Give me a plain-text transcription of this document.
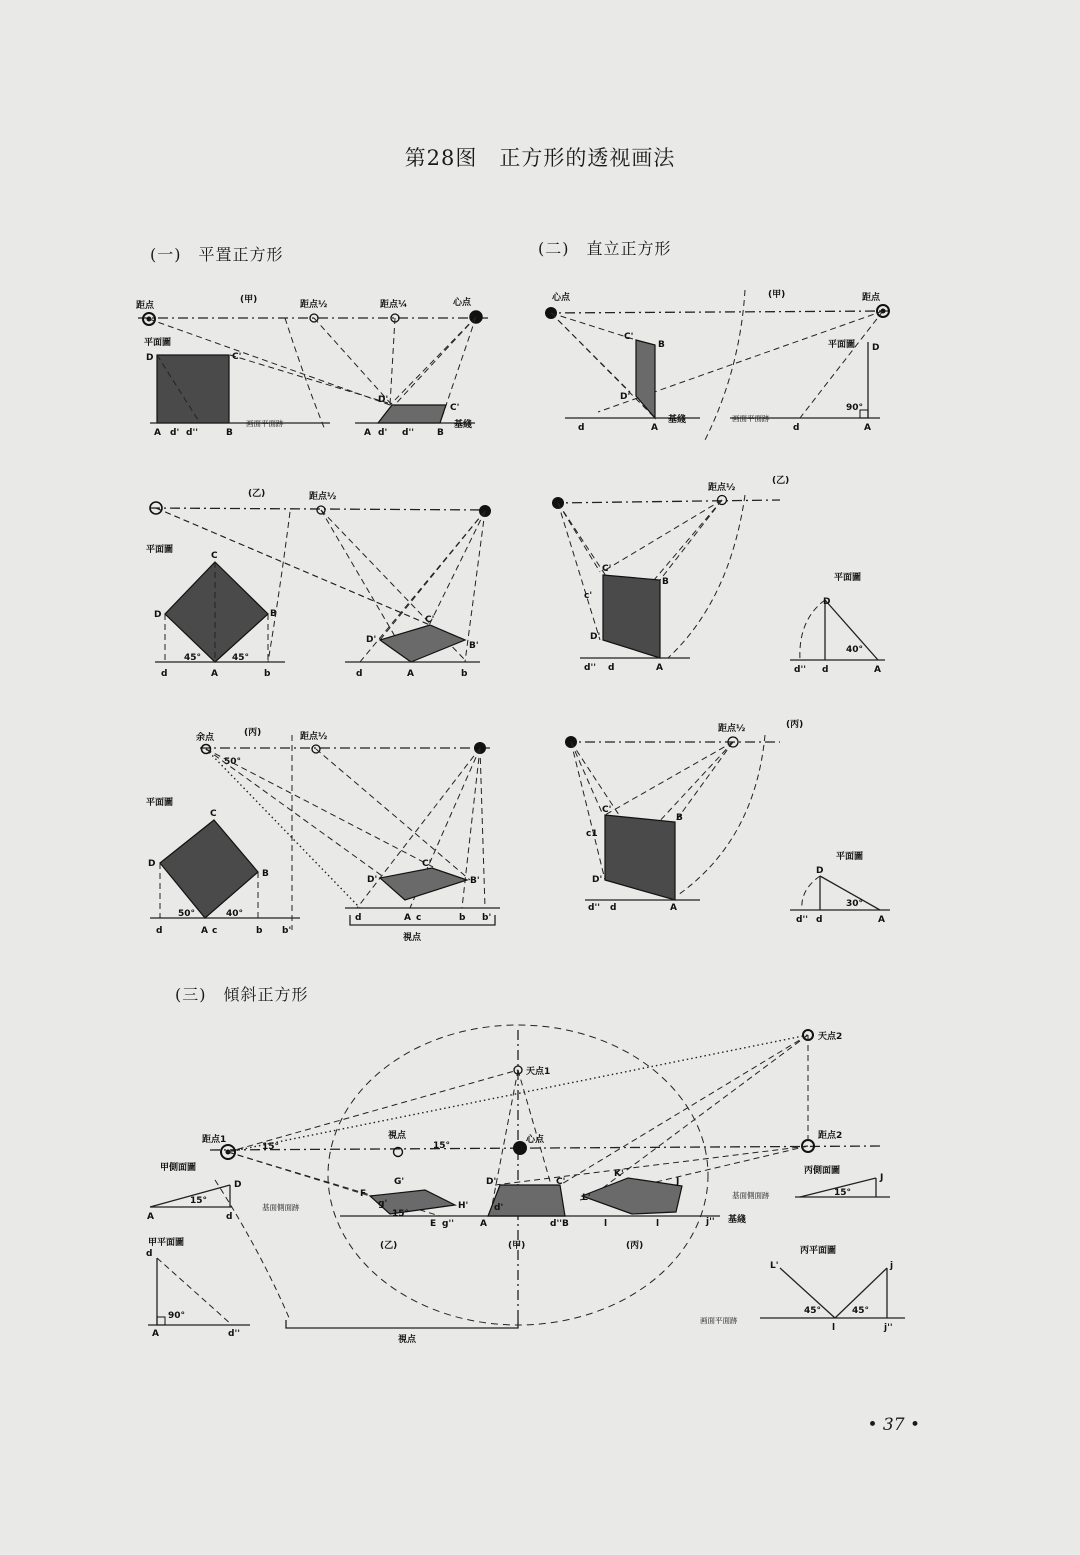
第28图　正方形的透视画法
(一)　平置正方形	(二)　直立正方形
(三)　傾斜正方形
距点
(甲)	距点½	距点¼	心点
平面圖
D	C'
A d' d''	B
画面平面跡
D'
C'
基綫
A d' d''	B
(乙)	距点½
平面圖
C
D	B
45°	45°
d	A	b
D'
C'
B'
d	A	b
余点	(丙)	距点½
50°
平面圖
C
D
B
50°	40°
d	A c	b b'
D'
C'
B'
d	A c	b b'
視点
心点	(甲)	距点
C'
B
D'
d	A
基綫
平面圖 D
90°
画面平面跡
d	A
距点½
(乙)
C'
B
c'
D'
d'' d	A
平面圖
D
40°
d'' d	A
距点½	(丙)
C'
B
c1
D'
d'' d	A
平面圖
D
30°
d'' d	A
距点1	視点
15°
心点
天点1
天点2
距点2
15°
F
G'
g'	H'
15°
E g''	A
D'
d'
d''B
C'
K'
L'
J
l	l	j'' 基綫
(乙)	(甲)	(丙)
視点
甲側面圖
A
D
d
15°
基面側面跡
丙側面圖
基面側面跡
J
15°
甲平面圖
d
90°
A	d''
丙平面圖
L'	j
45°	45°
画面平面跡
l	j''
• 37 •
